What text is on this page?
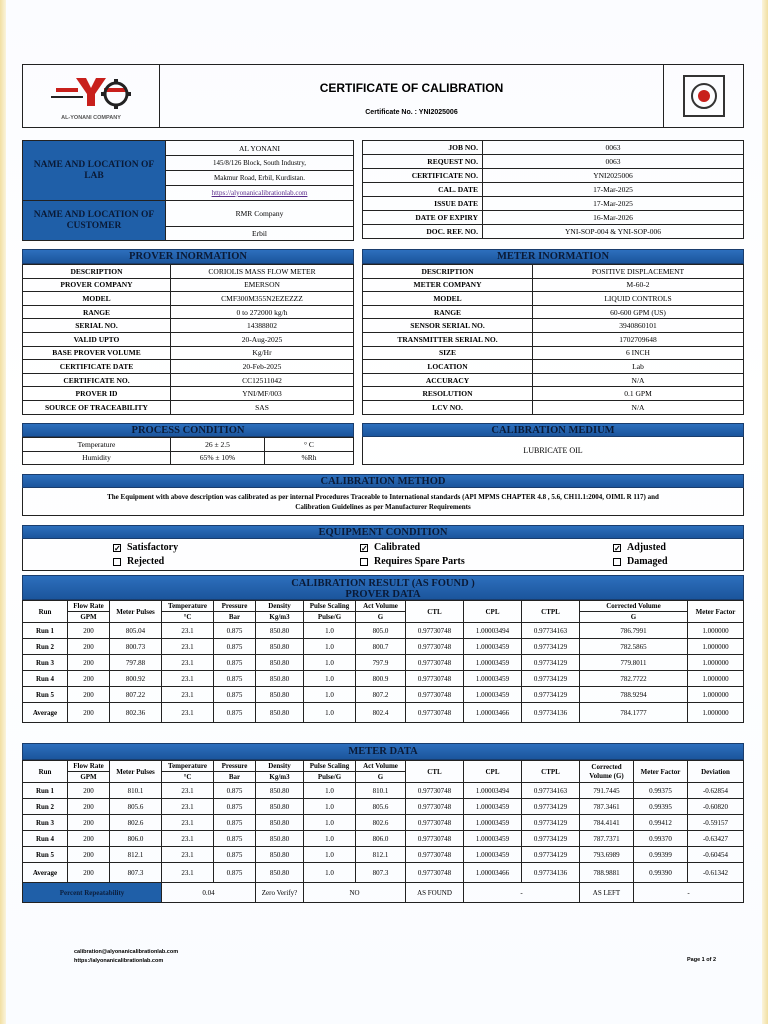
AL-YONANI COMPANY
CERTIFICATE OF CALIBRATION
Certificate No. : YNI2025006
NAME AND LOCATION OF LAB	AL YONANI
	145/8/126 Block, South Industry,
	Makmur Road, Erbil, Kurdistan.
	https://alyonanicalibrationlab.com
NAME AND LOCATION OF CUSTOMER	RMR Company
	Erbil
JOB NO.	0063
REQUEST NO.	0063
CERTIFICATE NO.	YNI2025006
CAL. DATE	17-Mar-2025
ISSUE DATE	17-Mar-2025
DATE OF EXPIRY	16-Mar-2026
DOC. REF. NO.	YNI-SOP-004 & YNI-SOP-006
PROVER INORMATION
DESCRIPTION	CORIOLIS MASS FLOW METER
PROVER COMPANY	EMERSON
MODEL	CMF300M355N2EZEZZZ
RANGE	0 to 272000 kg/h
SERIAL NO.	14388802
VALID UPTO	20-Aug-2025
BASE PROVER VOLUME	Kg/Hr
CERTIFICATE DATE	20-Feb-2025
CERTIFICATE NO.	CC12511042
PROVER ID	YNI/MF/003
SOURCE OF TRACEABILITY	SAS
METER INORMATION
DESCRIPTION	POSITIVE DISPLACEMENT
METER COMPANY	M-60-2
MODEL	LIQUID CONTROLS
RANGE	60-600 GPM (US)
SENSOR SERIAL NO.	3940860101
TRANSMITTER SERIAL NO.	1702709648
SIZE	6 INCH
LOCATION	Lab
ACCURACY	N/A
RESOLUTION	0.1 GPM
LCV NO.	N/A
PROCESS CONDITION
Temperature	26 ± 2.5	° C
Humidity	65% ± 10%	%Rh
CALIBRATION MEDIUM
LUBRICATE OIL
CALIBRATION METHOD
The Equipment with above description was calibrated as per internal Procedures Traceable to International standards (API MPMS CHAPTER 4.8 , 5.6, CH11.1:2004, OIML R 117) and
Calibration Guidelines as per Manufacturer Requirements
EQUIPMENT CONDITION
✓ Satisfactory
Rejected
✓ Calibrated
Requires Spare Parts
✓ Adjusted
Damaged
CALIBRATION RESULT (AS FOUND )
PROVER DATA
Run	Flow Rate	Meter Pulses	Temperature	Pressure	Density	Pulse Scaling	Act Volume	CTL	CPL	CTPL	Corrected Volume	Meter Factor
	GPM		°C	Bar	Kg/m3	Pulse/G	G				G	
Run 1	200	805.04	23.1	0.875	850.80	1.0	805.0	0.97730748	1.00003494	0.97734163	786.7991	1.000000
Run 2	200	800.73	23.1	0.875	850.80	1.0	800.7	0.97730748	1.00003459	0.97734129	782.5865	1.000000
Run 3	200	797.88	23.1	0.875	850.80	1.0	797.9	0.97730748	1.00003459	0.97734129	779.8011	1.000000
Run 4	200	800.92	23.1	0.875	850.80	1.0	800.9	0.97730748	1.00003459	0.97734129	782.7722	1.000000
Run 5	200	807.22	23.1	0.875	850.80	1.0	807.2	0.97730748	1.00003459	0.97734129	788.9294	1.000000
Average	200	802.36	23.1	0.875	850.80	1.0	802.4	0.97730748	1.00003466	0.97734136	784.1777	1.000000
METER DATA
Run	Flow Rate	Meter Pulses	Temperature	Pressure	Density	Pulse Scaling	Act Volume	CTL	CPL	CTPL	Corrected Volume (G)	Meter Factor	Deviation
	GPM		°C	Bar	Kg/m3	Pulse/G	G						
Run 1	200	810.1	23.1	0.875	850.80	1.0	810.1	0.97730748	1.00003494	0.97734163	791.7445	0.99375	-0.62854
Run 2	200	805.6	23.1	0.875	850.80	1.0	805.6	0.97730748	1.00003459	0.97734129	787.3461	0.99395	-0.60820
Run 3	200	802.6	23.1	0.875	850.80	1.0	802.6	0.97730748	1.00003459	0.97734129	784.4141	0.99412	-0.59157
Run 4	200	806.0	23.1	0.875	850.80	1.0	806.0	0.97730748	1.00003459	0.97734129	787.7371	0.99370	-0.63427
Run 5	200	812.1	23.1	0.875	850.80	1.0	812.1	0.97730748	1.00003459	0.97734129	793.6989	0.99399	-0.60454
Average	200	807.3	23.1	0.875	850.80	1.0	807.3	0.97730748	1.00003466	0.97734136	788.9881	0.99390	-0.61342
Percent Repeatability			0.04		Zero Verify?	NO		AS FOUND	-		AS LEFT	-	
calibration@alyonanicalibrationlab.com
https://alyonanicalibrationlab.com	Page 1 of 2
